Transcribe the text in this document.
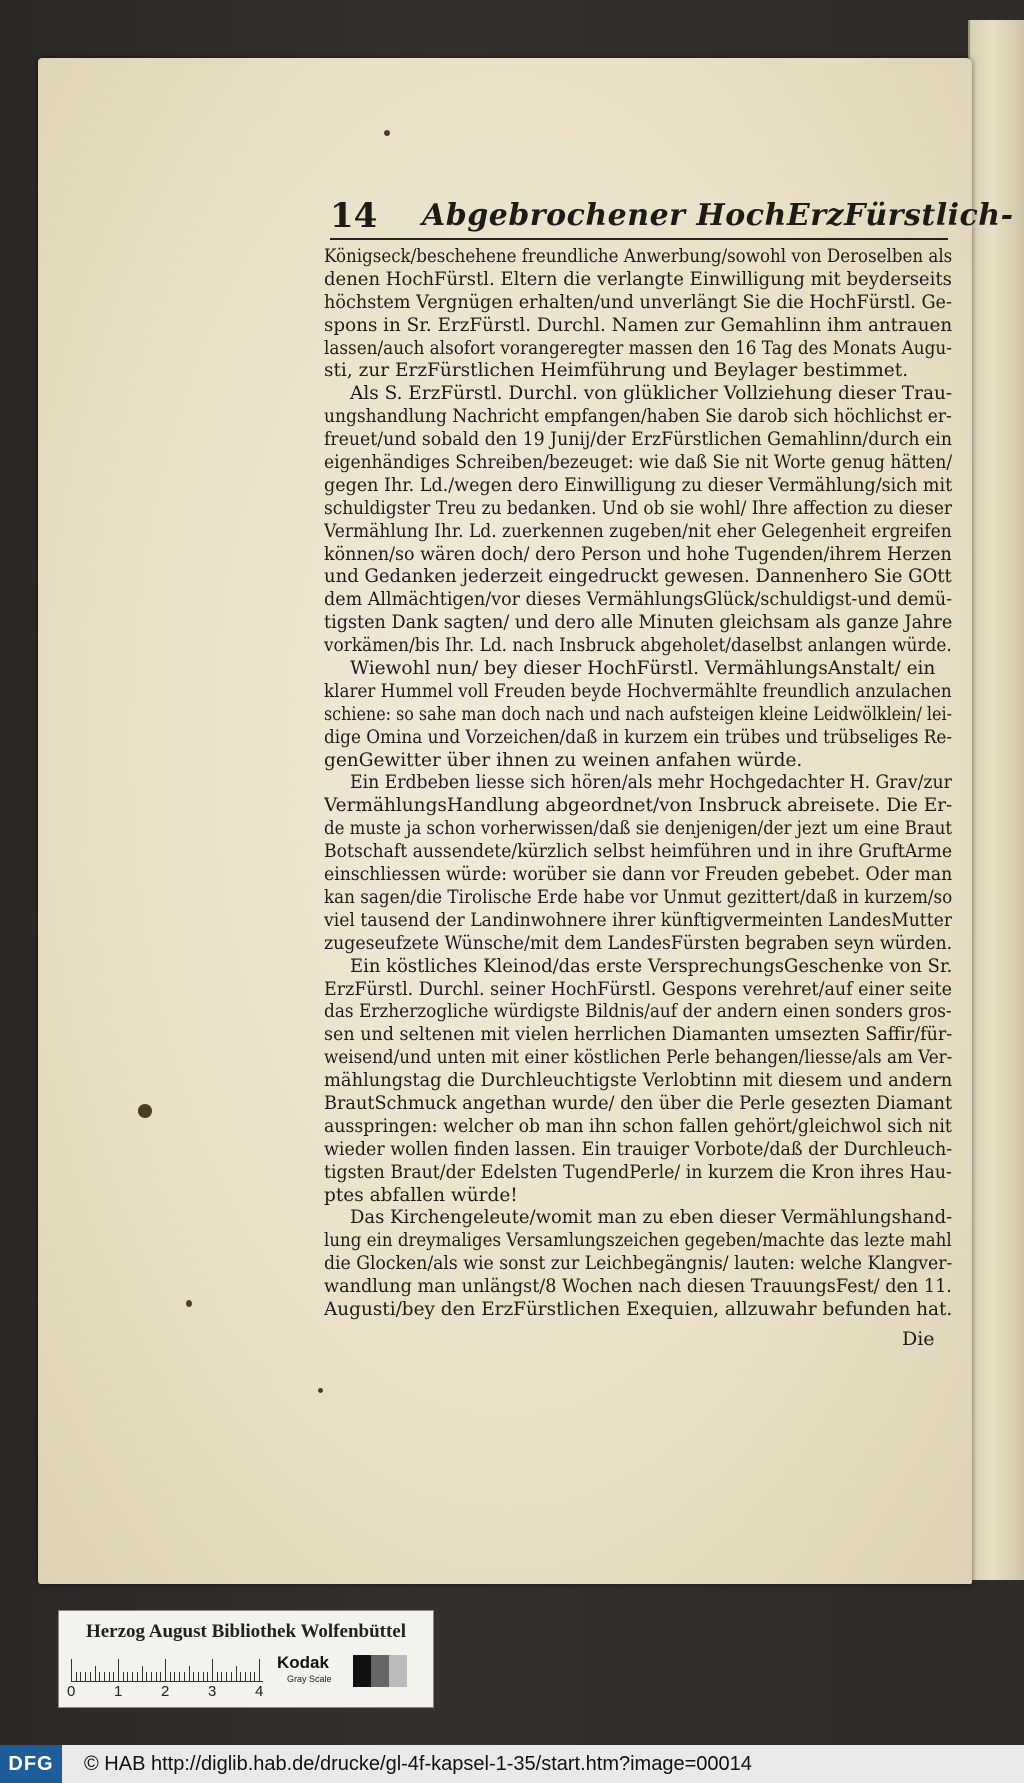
14 Abgebrochener HochErzFürstlich-
Königseck/beschehene freundliche Anwerbung/sowohl von Deroselben als
denen HochFürstl. Eltern die verlangte Einwilligung mit beyderseits
höchstem Vergnügen erhalten/und unverlängt Sie die HochFürstl. Ge-
spons in Sr. ErzFürstl. Durchl. Namen zur Gemahlinn ihm antrauen
lassen/auch alsofort vorangeregter massen den 16 Tag des Monats Augu-
sti, zur ErzFürstlichen Heimführung und Beylager bestimmet.
Als S. ErzFürstl. Durchl. von glüklicher Vollziehung dieser Trau-
ungshandlung Nachricht empfangen/haben Sie darob sich höchlichst er-
freuet/und sobald den 19 Junij/der ErzFürstlichen Gemahlinn/durch ein
eigenhändiges Schreiben/bezeuget: wie daß Sie nit Worte genug hätten/
gegen Ihr. Ld./wegen dero Einwilligung zu dieser Vermählung/sich mit
schuldigster Treu zu bedanken. Und ob sie wohl/ Ihre affection zu dieser
Vermählung Ihr. Ld. zuerkennen zugeben/nit eher Gelegenheit ergreifen
können/so wären doch/ dero Person und hohe Tugenden/ihrem Herzen
und Gedanken jederzeit eingedruckt gewesen. Dannenhero Sie GOtt
dem Allmächtigen/vor dieses VermählungsGlück/schuldigst-und demü-
tigsten Dank sagten/ und dero alle Minuten gleichsam als ganze Jahre
vorkämen/bis Ihr. Ld. nach Insbruck abgeholet/daselbst anlangen würde.
Wiewohl nun/ bey dieser HochFürstl. VermählungsAnstalt/ ein
klarer Hummel voll Freuden beyde Hochvermählte freundlich anzulachen
schiene: so sahe man doch nach und nach aufsteigen kleine Leidwölklein/ lei-
dige Omina und Vorzeichen/daß in kurzem ein trübes und trübseliges Re-
genGewitter über ihnen zu weinen anfahen würde.
Ein Erdbeben liesse sich hören/als mehr Hochgedachter H. Grav/zur
VermählungsHandlung abgeordnet/von Insbruck abreisete. Die Er-
de muste ja schon vorherwissen/daß sie denjenigen/der jezt um eine Braut
Botschaft aussendete/kürzlich selbst heimführen und in ihre GruftArme
einschliessen würde: worüber sie dann vor Freuden gebebet. Oder man
kan sagen/die Tirolische Erde habe vor Unmut gezittert/daß in kurzem/so
viel tausend der Landinwohnere ihrer künftigvermeinten LandesMutter
zugeseufzete Wünsche/mit dem LandesFürsten begraben seyn würden.
Ein köstliches Kleinod/das erste VersprechungsGeschenke von Sr.
ErzFürstl. Durchl. seiner HochFürstl. Gespons verehret/auf einer seite
das Erzherzogliche würdigste Bildnis/auf der andern einen sonders gros-
sen und seltenen mit vielen herrlichen Diamanten umsezten Saffir/für-
weisend/und unten mit einer köstlichen Perle behangen/liesse/als am Ver-
mählungstag die Durchleuchtigste Verlobtinn mit diesem und andern
BrautSchmuck angethan wurde/ den über die Perle gesezten Diamant
ausspringen: welcher ob man ihn schon fallen gehört/gleichwol sich nit
wieder wollen finden lassen. Ein trauiger Vorbote/daß der Durchleuch-
tigsten Braut/der Edelsten TugendPerle/ in kurzem die Kron ihres Hau-
ptes abfallen würde!
Das Kirchengeleute/womit man zu eben dieser Vermählungshand-
lung ein dreymaliges Versamlungszeichen gegeben/machte das lezte mahl
die Glocken/als wie sonst zur Leichbegängnis/ lauten: welche Klangver-
wandlung man unlängst/8 Wochen nach diesen TrauungsFest/ den 11.
Augusti/bey den ErzFürstlichen Exequien, allzuwahr befunden hat.
Die
Herzog August Bibliothek Wolfenbüttel
0	1	2	3	4
Kodak
Gray Scale
DFG	© HAB http://diglib.hab.de/drucke/gl-4f-kapsel-1-35/start.htm?image=00014
